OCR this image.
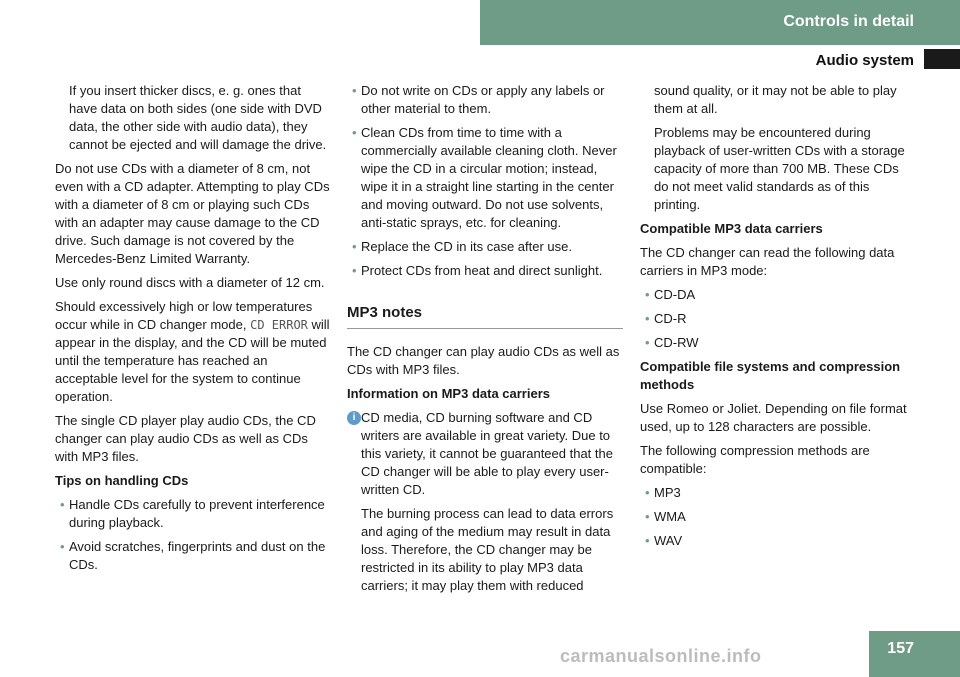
Controls in detail
Audio system

If you insert thicker discs, e. g. ones that have data on both sides (one side with DVD data, the other side with audio data), they cannot be ejected and will damage the drive.

Do not use CDs with a diameter of 8 cm, not even with a CD adapter. Attempting to play CDs with a diameter of 8 cm or playing such CDs with an adapter may cause damage to the CD drive. Such damage is not covered by the Mercedes-Benz Limited Warranty.

Use only round discs with a diameter of 12 cm.

Should excessively high or low temperatures occur while in CD changer mode, CD ERROR will appear in the display, and the CD will be muted until the temperature has reached an acceptable level for the system to continue operation.

The single CD player play audio CDs, the CD changer can play audio CDs as well as CDs with MP3 files.

Tips on handling CDs
• Handle CDs carefully to prevent interference during playback.
• Avoid scratches, fingerprints and dust on the CDs.
• Do not write on CDs or apply any labels or other material to them.
• Clean CDs from time to time with a commercially available cleaning cloth. Never wipe the CD in a circular motion; instead, wipe it in a straight line starting in the center and moving outward. Do not use solvents, anti-static sprays, etc. for cleaning.
• Replace the CD in its case after use.
• Protect CDs from heat and direct sunlight.
MP3 notes

The CD changer can play audio CDs as well as CDs with MP3 files.

Information on MP3 data carriers
i CD media, CD burning software and CD writers are available in great variety. Due to this variety, it cannot be guaranteed that the CD changer will be able to play every user-written CD.

The burning process can lead to data errors and aging of the medium may result in data loss. Therefore, the CD changer may be restricted in its ability to play MP3 data carriers; it may play them with reduced

sound quality, or it may not be able to play them at all.

Problems may be encountered during playback of user-written CDs with a storage capacity of more than 700 MB. These CDs do not meet valid standards as of this printing.

Compatible MP3 data carriers

The CD changer can read the following data carriers in MP3 mode:

• CD-DA
• CD-R
• CD-RW
Compatible file systems and compression methods

Use Romeo or Joliet. Depending on file format used, up to 128 characters are possible.

The following compression methods are compatible:

• MP3
• WMA
• WAV
157
carmanualsonline.info
